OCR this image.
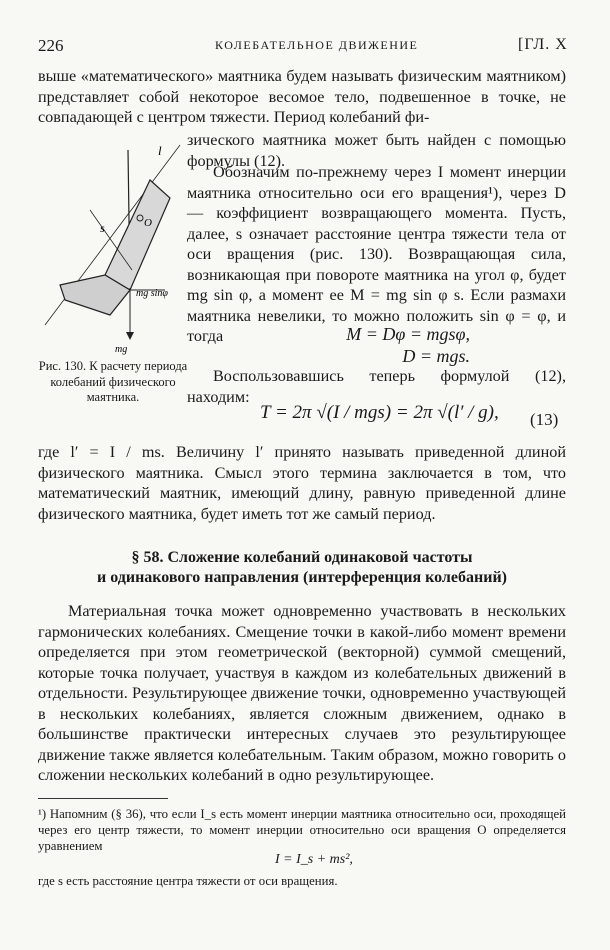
226	КОЛЕБАТЕЛЬНОЕ ДВИЖЕНИЕ	[ГЛ. X

выше «математического» маятника будем называть физическим маятником) представляет собой некоторое весомое тело, подвешенное в точке, не совпадающей с центром тяжести. Период колебаний фи-

зического маятника может быть найден с помощью формулы (12).

Обозначим по-прежнему через I момент инерции маятника относительно оси его вращения¹), через D — коэффициент возвращающего момента. Пусть, далее, s означает расстояние центра тяжести тела от оси вращения (рис. 130). Возвращающая сила, возникающая при повороте маятника на угол φ, будет mg sin φ, а момент ее M = mg sin φ s. Если размахи маятника невелики, то можно положить sin φ = φ, и тогда	M = Dφ = mgsφ,
D = mgs.
l
s	O
mg sinφ
mg
Рис. 130. К расчету периода колебаний физического маятника.

Воспользовавшись теперь формулой (12), находим:

T = 2π √(I / mgs) = 2π √(l′ / g), (13)

где l′ = I / ms. Величину l′ принято называть приведенной длиной физического маятника. Смысл этого термина заключается в том, что математический маятник, имеющий длину, равную приведенной длине физического маятника, будет иметь тот же самый период.

§ 58. Сложение колебаний одинаковой частоты
и одинакового направления (интерференция колебаний)

Материальная точка может одновременно участвовать в нескольких гармонических колебаниях. Смещение точки в какой-либо момент времени определяется при этом геометрической (векторной) суммой смещений, которые точка получает, участвуя в каждом из колебательных движений в отдельности. Результирующее движение точки, одновременно участвующей в нескольких колебаниях, является сложным движением, однако в большинстве практически интересных случаев это результирующее движение также является колебательным. Таким образом, можно говорить о сложении нескольких колебаний в одно результирующее.

¹) Напомним (§ 36), что если I_s есть момент инерции маятника относительно оси, проходящей через его центр тяжести, то момент инерции относительно оси вращения O определяется уравнением

I = I_s + ms²,
где s есть расстояние центра тяжести от оси вращения.
